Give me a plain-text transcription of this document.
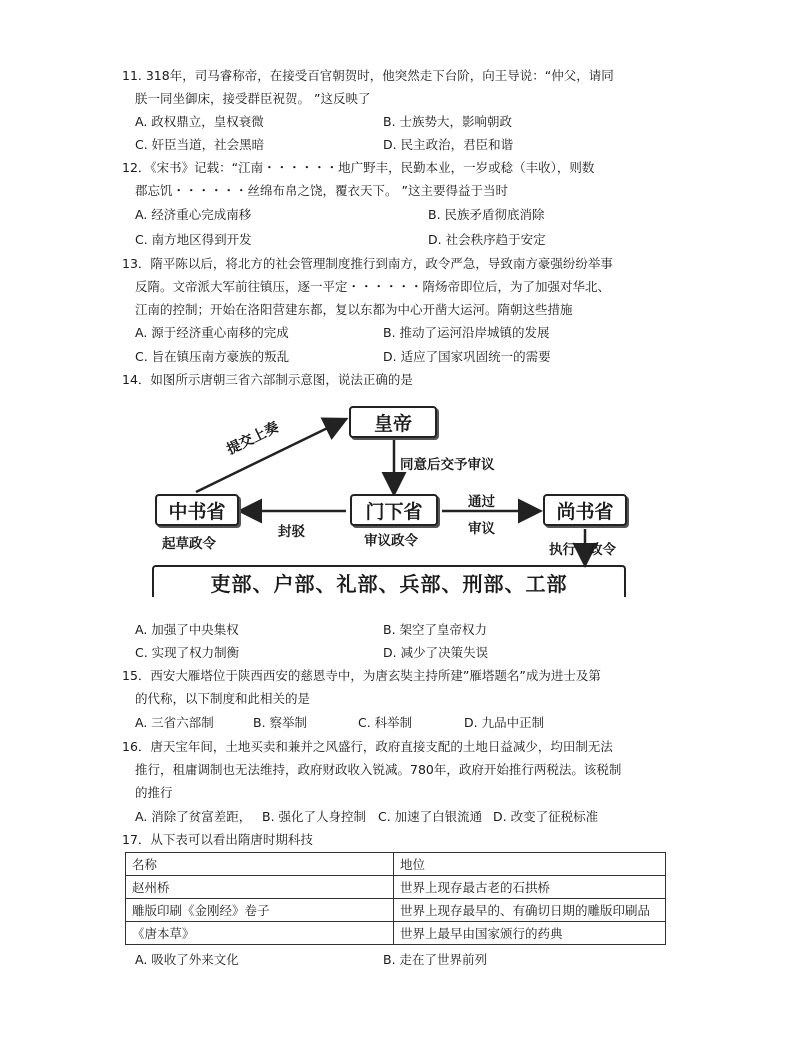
11. 318年，司马睿称帝，在接受百官朝贺时，他突然走下台阶，向王导说：“仲父，请同
朕一同坐御床，接受群臣祝贺。 ”这反映了
A. 政权鼎立，皇权衰微	B. 士族势大，影响朝政
C. 奸臣当道，社会黑暗	D. 民主政治，君臣和谐
12．《宋书》记载：“江南・・・・・・地广野丰，民勤本业，一岁或稔（丰收），则数
郡忘饥・・・・・・丝绵布帛之饶，覆衣天下。 ”这主要得益于当时
A. 经济重心完成南移	B. 民族矛盾彻底消除
C. 南方地区得到开发	D. 社会秩序趋于安定
13．隋平陈以后，将北方的社会管理制度推行到南方，政令严急，导致南方豪强纷纷举事
反隋。文帝派大军前往镇压，逐一平定・・・・・・隋炀帝即位后，为了加强对华北、
江南的控制；开始在洛阳营建东都，复以东都为中心开凿大运河。隋朝这些措施
A. 源于经济重心南移的完成	B. 推动了运河沿岸城镇的发展
C. 旨在镇压南方豪族的叛乱	D. 适应了国家巩固统一的需要
14．如图所示唐朝三省六部制示意图，说法正确的是
皇帝
中书省	门下省	尚书省
提交上奏
同意后交予审议
起草政令
封驳
审议政令
通过
审议
执行 政令
吏部、户部、礼部、兵部、刑部、工部
A. 加强了中央集权	B. 架空了皇帝权力
C. 实现了权力制衡	D. 减少了决策失误
15．西安大雁塔位于陕西西安的慈恩寺中，为唐玄奘主持所建”雁塔题名”成为进士及第
的代称，以下制度和此相关的是
A. 三省六部制	B. 察举制	C. 科举制	D. 九品中正制
16．唐天宝年间，土地买卖和兼并之风盛行，政府直接支配的土地日益减少，均田制无法
推行，租庸调制也无法维持，政府财政收入锐减。780年，政府开始推行两税法。该税制
的推行
A. 消除了贫富差距， B. 强化了人身控制 C. 加速了白银流通 D. 改变了征税标准
17．从下表可以看出隋唐时期科技
名称	地位
赵州桥	世界上现存最古老的石拱桥
雕版印刷《金刚经》卷子	世界上现存最早的、有确切日期的雕版印刷品
《唐本草》	世界上最早由国家颁行的药典
A. 吸收了外来文化	B. 走在了世界前列
